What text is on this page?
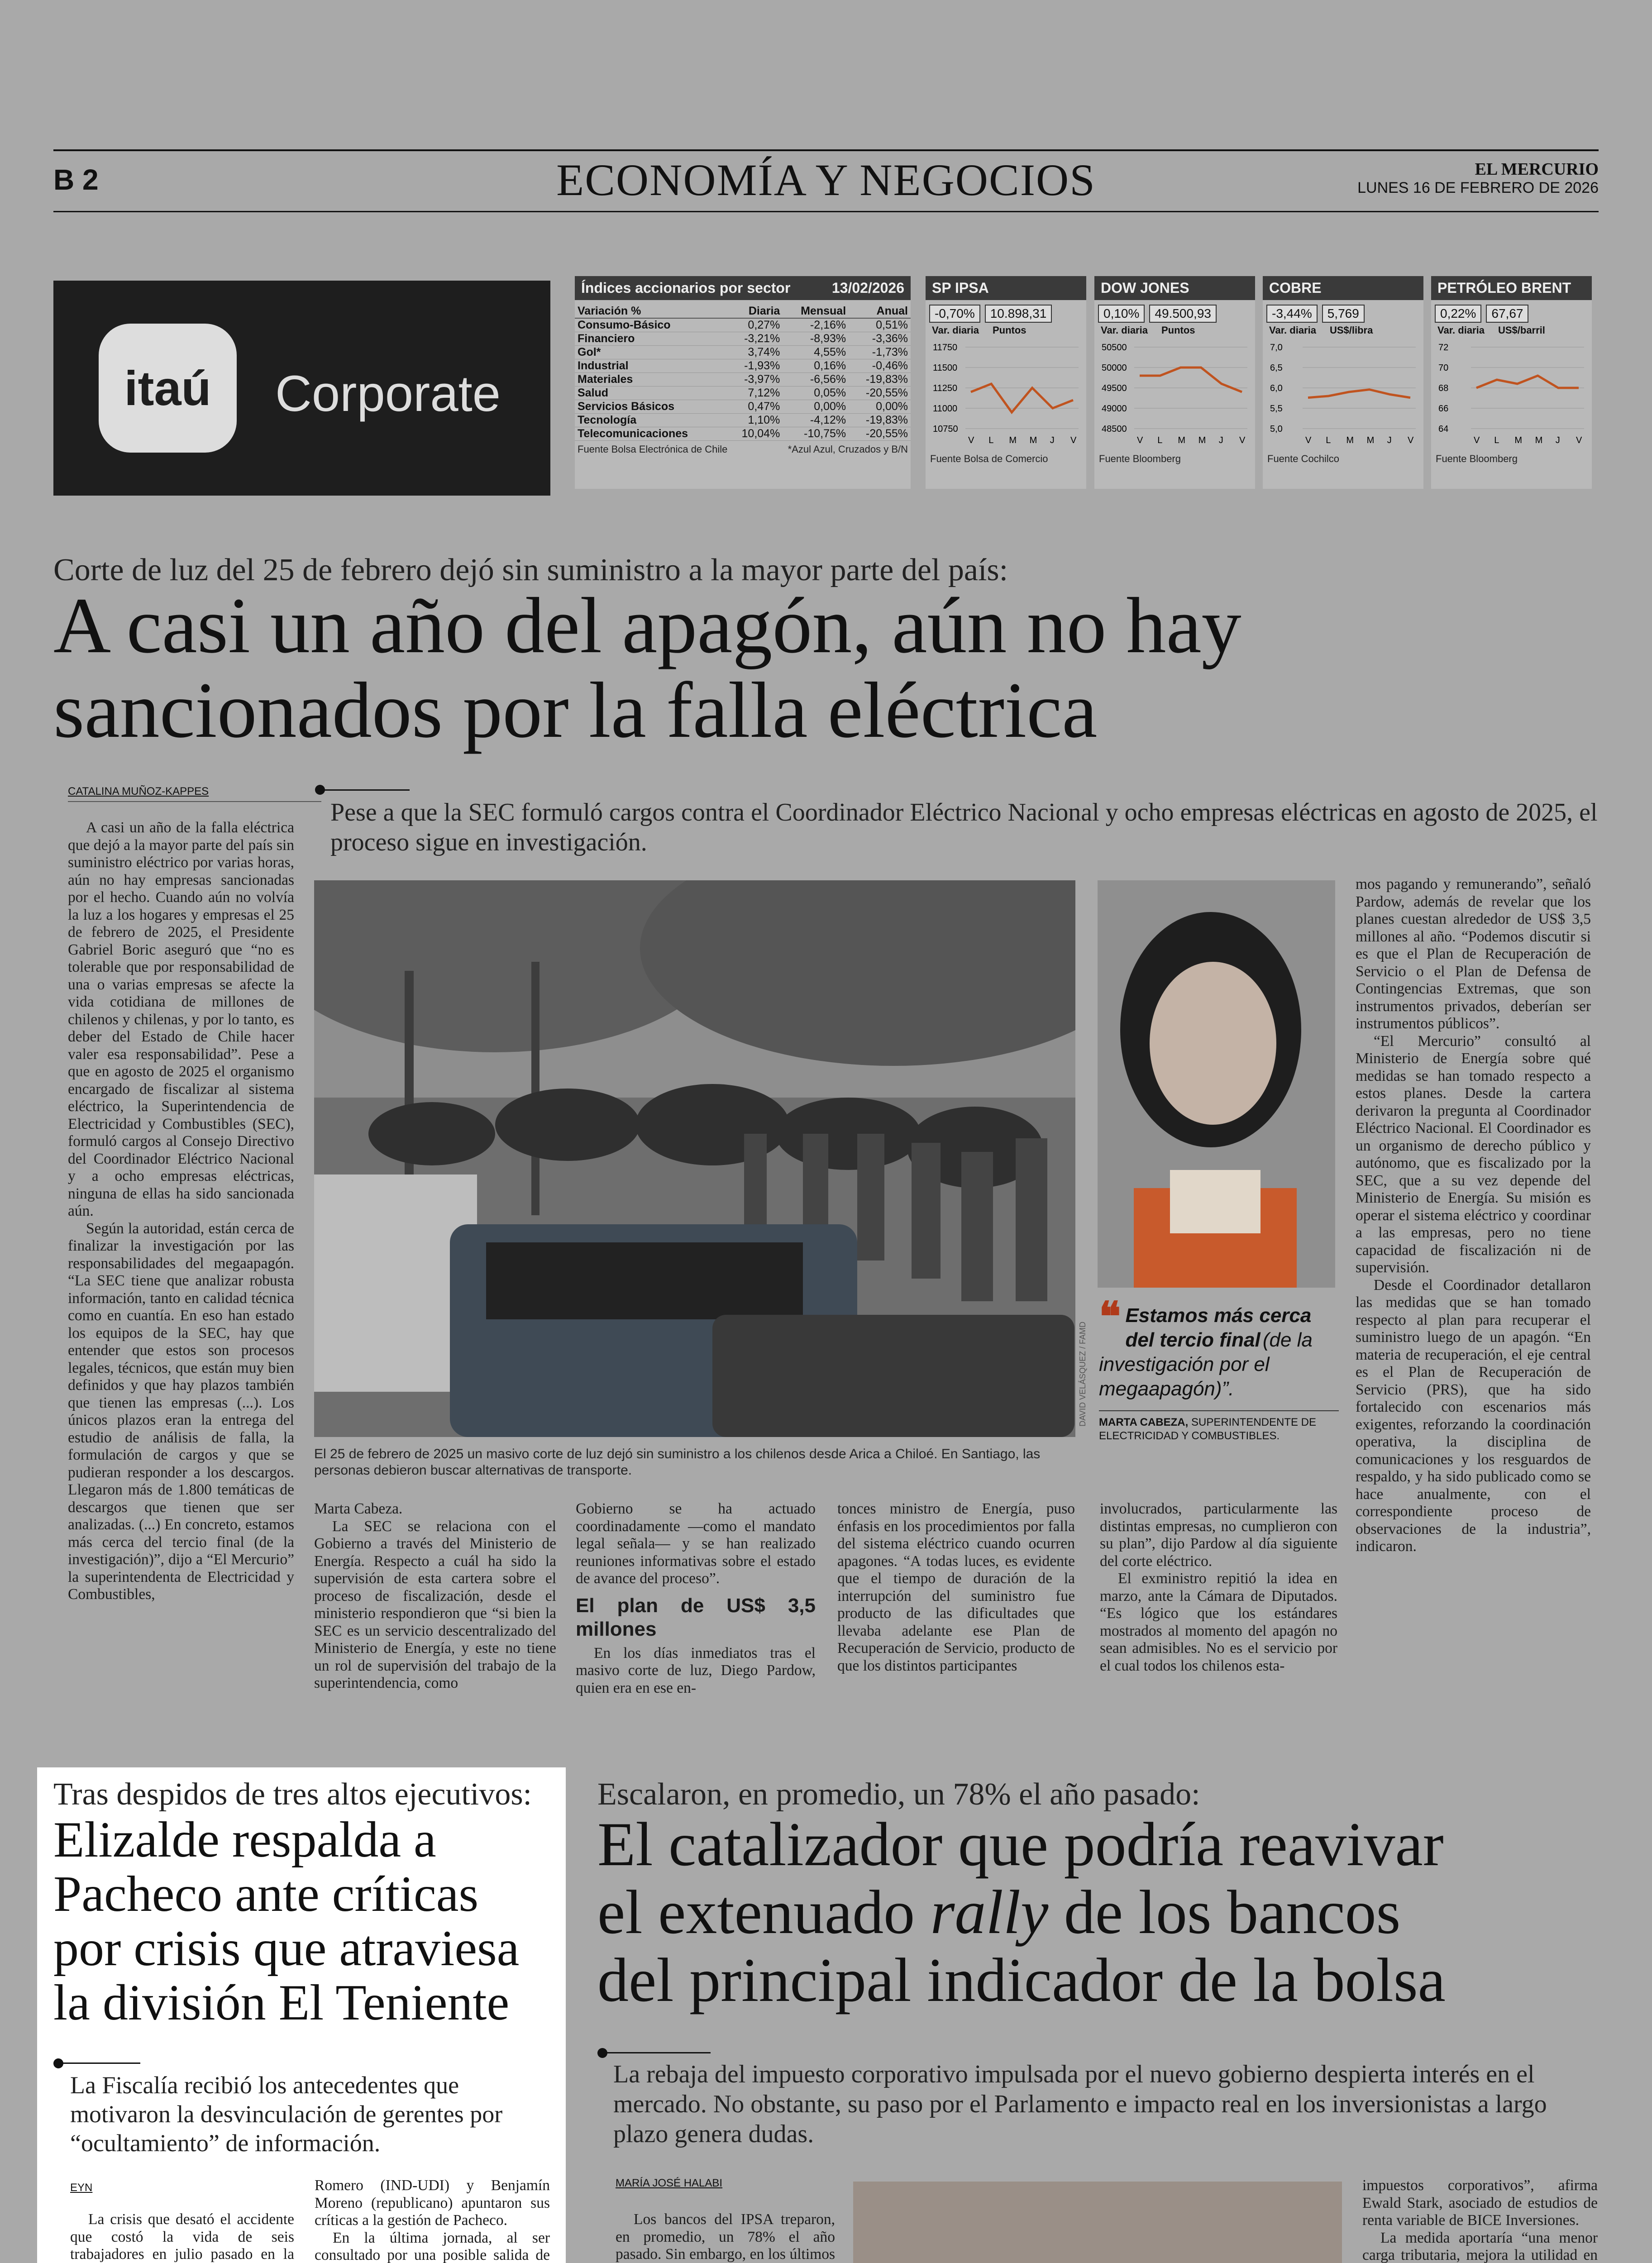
B 2	ECONOMÍA Y NEGOCIOS	EL MERCURIO
LUNES 16 DE FEBRERO DE 2026
itaú	Corporate
Índices accionarios por sector	13/02/2026
Variación %	Diaria	Mensual	Anual
Consumo-Básico	0,27%	-2,16%	0,51%
Financiero	-3,21%	-8,93%	-3,36%
Gol*	3,74%	4,55%	-1,73%
Industrial	-1,93%	0,16%	-0,46%
Materiales	-3,97%	-6,56%	-19,83%
Salud	7,12%	0,05%	-20,55%
Servicios Básicos	0,47%	0,00%	0,00%
Tecnología	1,10%	-4,12%	-19,83%
Telecomunicaciones	10,04%	-10,75%	-20,55%
Fuente Bolsa Electrónica de Chile	*Azul Azul, Cruzados y B/N
SP IPSA
-0,70%	10.898,31
Var. diaria Puntos
11750
11500
11250
11000
10750
V L M M J V
Fuente Bolsa de Comercio
DOW JONES
0,10%	49.500,93
Var. diaria Puntos
50500
50000
49500
49000
48500
V L M M J V
Fuente Bloomberg
COBRE
-3,44%	5,769
Var. diaria US$/libra
7,0
6,5
6,0
5,5
5,0
V L M M J V
Fuente Cochilco
PETRÓLEO BRENT
0,22%	67,67
Var. diaria US$/barril
72
70
68
66
64
V L M M J V
Fuente Bloomberg
Corte de luz del 25 de febrero dejó sin suministro a la mayor parte del país:
A casi un año del apagón, aún no hay
sancionados por la falla eléctrica
CATALINA MUÑOZ-KAPPES
Pese a que la SEC formuló cargos contra el Coordinador Eléctrico Nacional y ocho empresas eléctricas en agosto de 2025, el proceso sigue en investigación.

A casi un año de la falla eléctrica que dejó a la mayor parte del país sin suministro eléctrico por varias horas, aún no hay empresas sancionadas por el hecho. Cuando aún no volvía la luz a los hogares y empresas el 25 de febrero de 2025, el Presidente Gabriel Boric aseguró que “no es tolerable que por responsabilidad de una o varias empresas se afecte la vida cotidiana de millones de chilenos y chilenas, y por lo tanto, es deber del Estado de Chile hacer valer esa responsabilidad”. Pese a que en agosto de 2025 el organismo encargado de fiscalizar al sistema eléctrico, la Superintendencia de Electricidad y Combustibles (SEC), formuló cargos al Consejo Directivo del Coordinador Eléctrico Nacional y a ocho empresas eléctricas, ninguna de ellas ha sido sancionada aún.

Según la autoridad, están cerca de finalizar la investigación por las responsabilidades del megaapagón. “La SEC tiene que analizar robusta información, tanto en calidad técnica como en cuantía. En eso han estado los equipos de la SEC, hay que entender que estos son procesos legales, técnicos, que están muy bien definidos y que hay plazos también que tienen las empresas (...). Los únicos plazos eran la entrega del estudio de análisis de falla, la formulación de cargos y que se pudieran responder a los descargos. Llegaron más de 1.800 temáticas de descargos que tienen que ser analizadas. (...) En concreto, estamos más cerca del tercio final (de la investigación)”, dijo a “El Mercurio” la superintendenta de Electricidad y Combustibles,

DAVID VELÁSQUEZ / FAMD
El 25 de febrero de 2025 un masivo corte de luz dejó sin suministro a los chilenos desde Arica a Chiloé. En Santiago, las personas debieron buscar alternativas de transporte.
❝ Estamos más cerca del tercio final (de la investigación por el megaapagón)”.
MARTA CABEZA, SUPERINTENDENTE DE ELECTRICIDAD Y COMBUSTIBLES.

Marta Cabeza.

La SEC se relaciona con el Gobierno a través del Ministerio de Energía. Respecto a cuál ha sido la supervisión de esta cartera sobre el proceso de fiscalización, desde el ministerio respondieron que “si bien la SEC es un servicio descentralizado del Ministerio de Energía, y este no tiene un rol de supervisión del trabajo de la superintendencia, como

Gobierno se ha actuado coordinadamente —como el mandato legal señala— y se han realizado reuniones informativas sobre el estado de avance del proceso”.

El plan de US$ 3,5 millones

En los días inmediatos tras el masivo corte de luz, Diego Pardow, quien era en ese en-

tonces ministro de Energía, puso énfasis en los procedimientos por falla del sistema eléctrico cuando ocurren apagones. “A todas luces, es evidente que el tiempo de duración de la interrupción del suministro fue producto de las dificultades que llevaba adelante ese Plan de Recuperación de Servicio, producto de que los distintos participantes

involucrados, particularmente las distintas empresas, no cumplieron con su plan”, dijo Pardow al día siguiente del corte eléctrico.

El exministro repitió la idea en marzo, ante la Cámara de Diputados. “Es lógico que los estándares mostrados al momento del apagón no sean admisibles. No es el servicio por el cual todos los chilenos esta-

mos pagando y remunerando”, señaló Pardow, además de revelar que los planes cuestan alrededor de US$ 3,5 millones al año. “Podemos discutir si es que el Plan de Recuperación de Servicio o el Plan de Defensa de Contingencias Extremas, que son instrumentos privados, deberían ser instrumentos públicos”.

“El Mercurio” consultó al Ministerio de Energía sobre qué medidas se han tomado respecto a estos planes. Desde la cartera derivaron la pregunta al Coordinador Eléctrico Nacional. El Coordinador es un organismo de derecho público y autónomo, que es fiscalizado por la SEC, que a su vez depende del Ministerio de Energía. Su misión es operar el sistema eléctrico y coordinar a las empresas, pero no tiene capacidad de fiscalización ni de supervisión.

Desde el Coordinador detallaron las medidas que se han tomado respecto al plan para recuperar el suministro luego de un apagón. “En materia de recuperación, el eje central es el Plan de Recuperación de Servicio (PRS), que ha sido fortalecido con escenarios más exigentes, reforzando la coordinación operativa, la disciplina de comunicaciones y los resguardos de respaldo, y ha sido publicado como se hace anualmente, con el correspondiente proceso de observaciones de la industria”, indicaron.

Tras despidos de tres altos ejecutivos:
Elizalde respalda a
Pacheco ante críticas
por crisis que atraviesa
la división El Teniente
La Fiscalía recibió los antecedentes que motivaron la desvinculación de gerentes por “ocultamiento” de información.
EYN

La crisis que desató el accidente que costó la vida de seis trabajadores en julio pasado en la

Romero (IND-UDI) y Benjamín Moreno (republicano) apuntaron sus críticas a la gestión de Pacheco.

En la última jornada, al ser consultado por una posible salida de

Escalaron, en promedio, un 78% el año pasado:
El catalizador que podría reavivar
el extenuado rally de los bancos
del principal indicador de la bolsa
La rebaja del impuesto corporativo impulsada por el nuevo gobierno despierta interés en el mercado. No obstante, su paso por el Parlamento e impacto real en los inversionistas a largo plazo genera dudas.
MARÍA JOSÉ HALABI

Los bancos del IPSA treparon, en promedio, un 78% el año pasado. Sin embargo, en los últimos

impuestos corporativos”, afirma Ewald Stark, asociado de estudios de renta variable de BICE Inversiones.

La medida aportaría “una menor carga tributaria, mejora la utilidad en
